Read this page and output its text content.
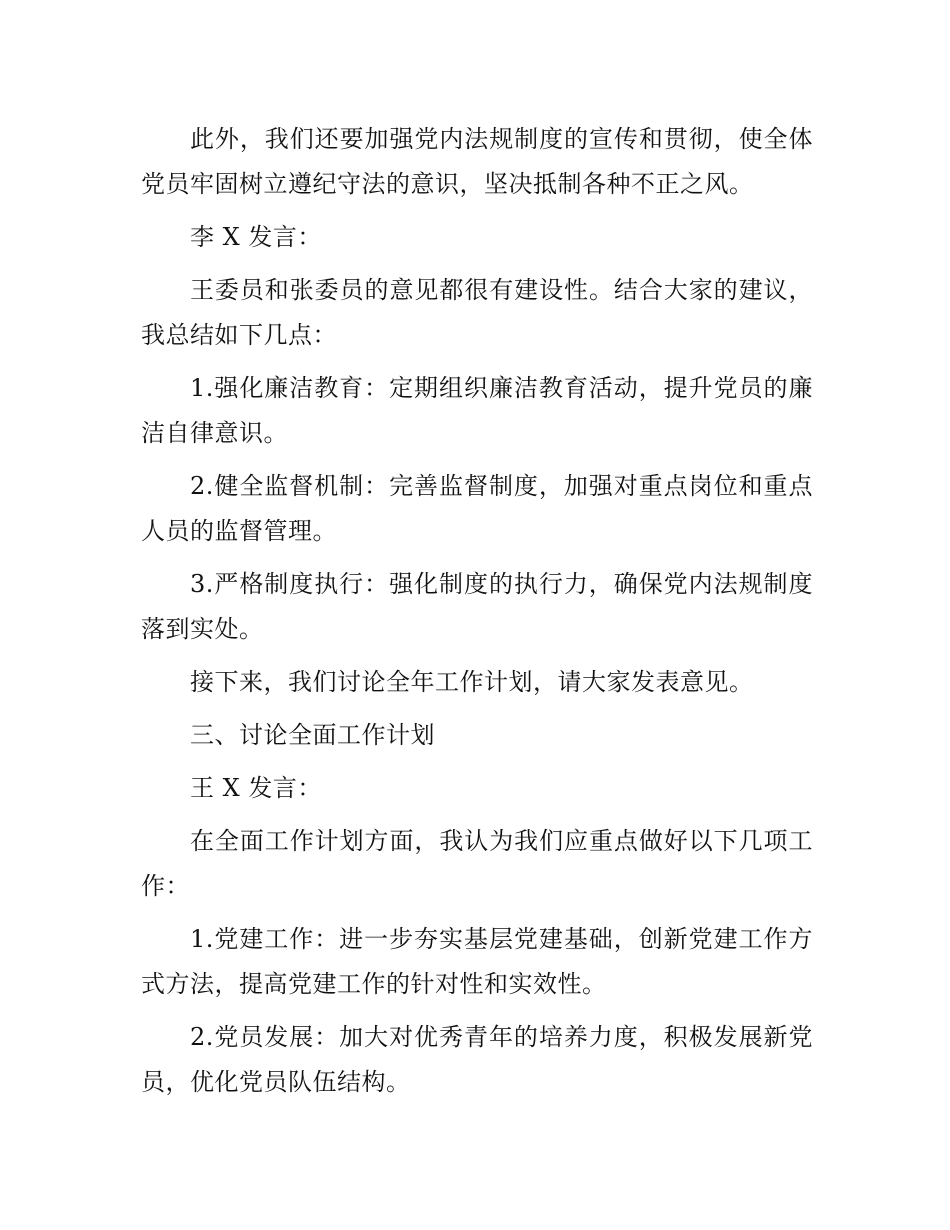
此外，我们还要加强党内法规制度的宣传和贯彻，使全体党员牢固树立遵纪守法的意识，坚决抵制各种不正之风。

李 X 发言：

王委员和张委员的意见都很有建设性。结合大家的建议，我总结如下几点：

1.强化廉洁教育：定期组织廉洁教育活动，提升党员的廉洁自律意识。

2.健全监督机制：完善监督制度，加强对重点岗位和重点人员的监督管理。

3.严格制度执行：强化制度的执行力，确保党内法规制度落到实处。

接下来，我们讨论全年工作计划，请大家发表意见。

三、讨论全面工作计划

王 X 发言：

在全面工作计划方面，我认为我们应重点做好以下几项工作：

1.党建工作：进一步夯实基层党建基础，创新党建工作方式方法，提高党建工作的针对性和实效性。

2.党员发展：加大对优秀青年的培养力度，积极发展新党员，优化党员队伍结构。
